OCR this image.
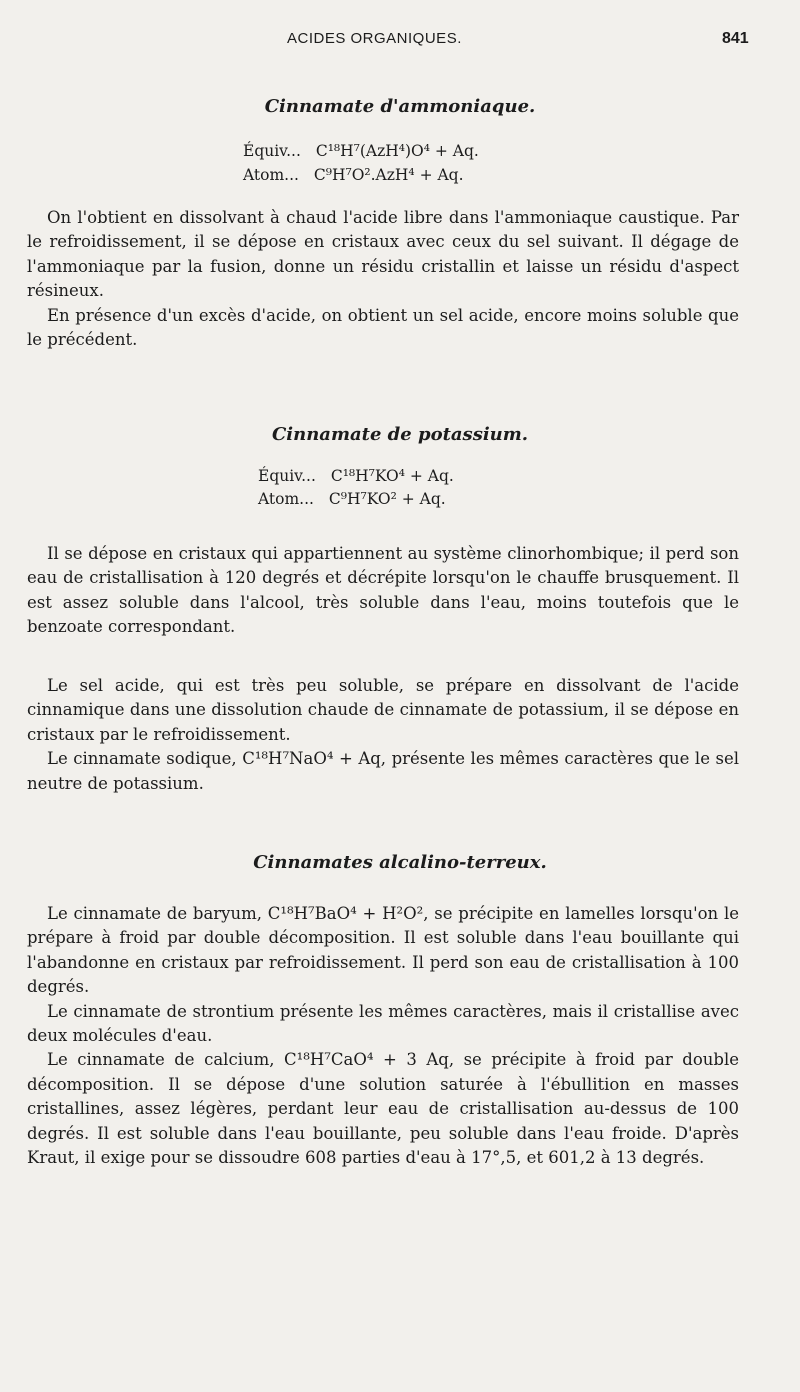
ACIDES ORGANIQUES.	841
Cinnamate d'ammoniaque.
Équiv... C¹⁸H⁷(AzH⁴)O⁴ + Aq.
Atom... C⁹H⁷O².AzH⁴ + Aq.

On l'obtient en dissolvant à chaud l'acide libre dans l'ammoniaque caustique. Par le refroidissement, il se dépose en cristaux avec ceux du sel suivant. Il dégage de l'ammoniaque par la fusion, donne un résidu cristallin et laisse un résidu d'aspect résineux.

En présence d'un excès d'acide, on obtient un sel acide, encore moins soluble que le précédent.

Cinnamate de potassium.
Équiv... C¹⁸H⁷KO⁴ + Aq.
Atom... C⁹H⁷KO² + Aq.

Il se dépose en cristaux qui appartiennent au système clinorhombique; il perd son eau de cristallisation à 120 degrés et décrépite lorsqu'on le chauffe brusquement. Il est assez soluble dans l'alcool, très soluble dans l'eau, moins toutefois que le benzoate correspondant.

Le sel acide, qui est très peu soluble, se prépare en dissolvant de l'acide cinnamique dans une dissolution chaude de cinnamate de potassium, il se dépose en cristaux par le refroidissement.

Le cinnamate sodique, C¹⁸H⁷NaO⁴ + Aq, présente les mêmes caractères que le sel neutre de potassium.

Cinnamates alcalino-terreux.

Le cinnamate de baryum, C¹⁸H⁷BaO⁴ + H²O², se précipite en lamelles lorsqu'on le prépare à froid par double décomposition. Il est soluble dans l'eau bouillante qui l'abandonne en cristaux par refroidissement. Il perd son eau de cristallisation à 100 degrés.

Le cinnamate de strontium présente les mêmes caractères, mais il cristallise avec deux molécules d'eau.

Le cinnamate de calcium, C¹⁸H⁷CaO⁴ + 3 Aq, se précipite à froid par double décomposition. Il se dépose d'une solution saturée à l'ébullition en masses cristallines, assez légères, perdant leur eau de cristallisation au-dessus de 100 degrés. Il est soluble dans l'eau bouillante, peu soluble dans l'eau froide. D'après Kraut, il exige pour se dissoudre 608 parties d'eau à 17°,5, et 601,2 à 13 degrés.
